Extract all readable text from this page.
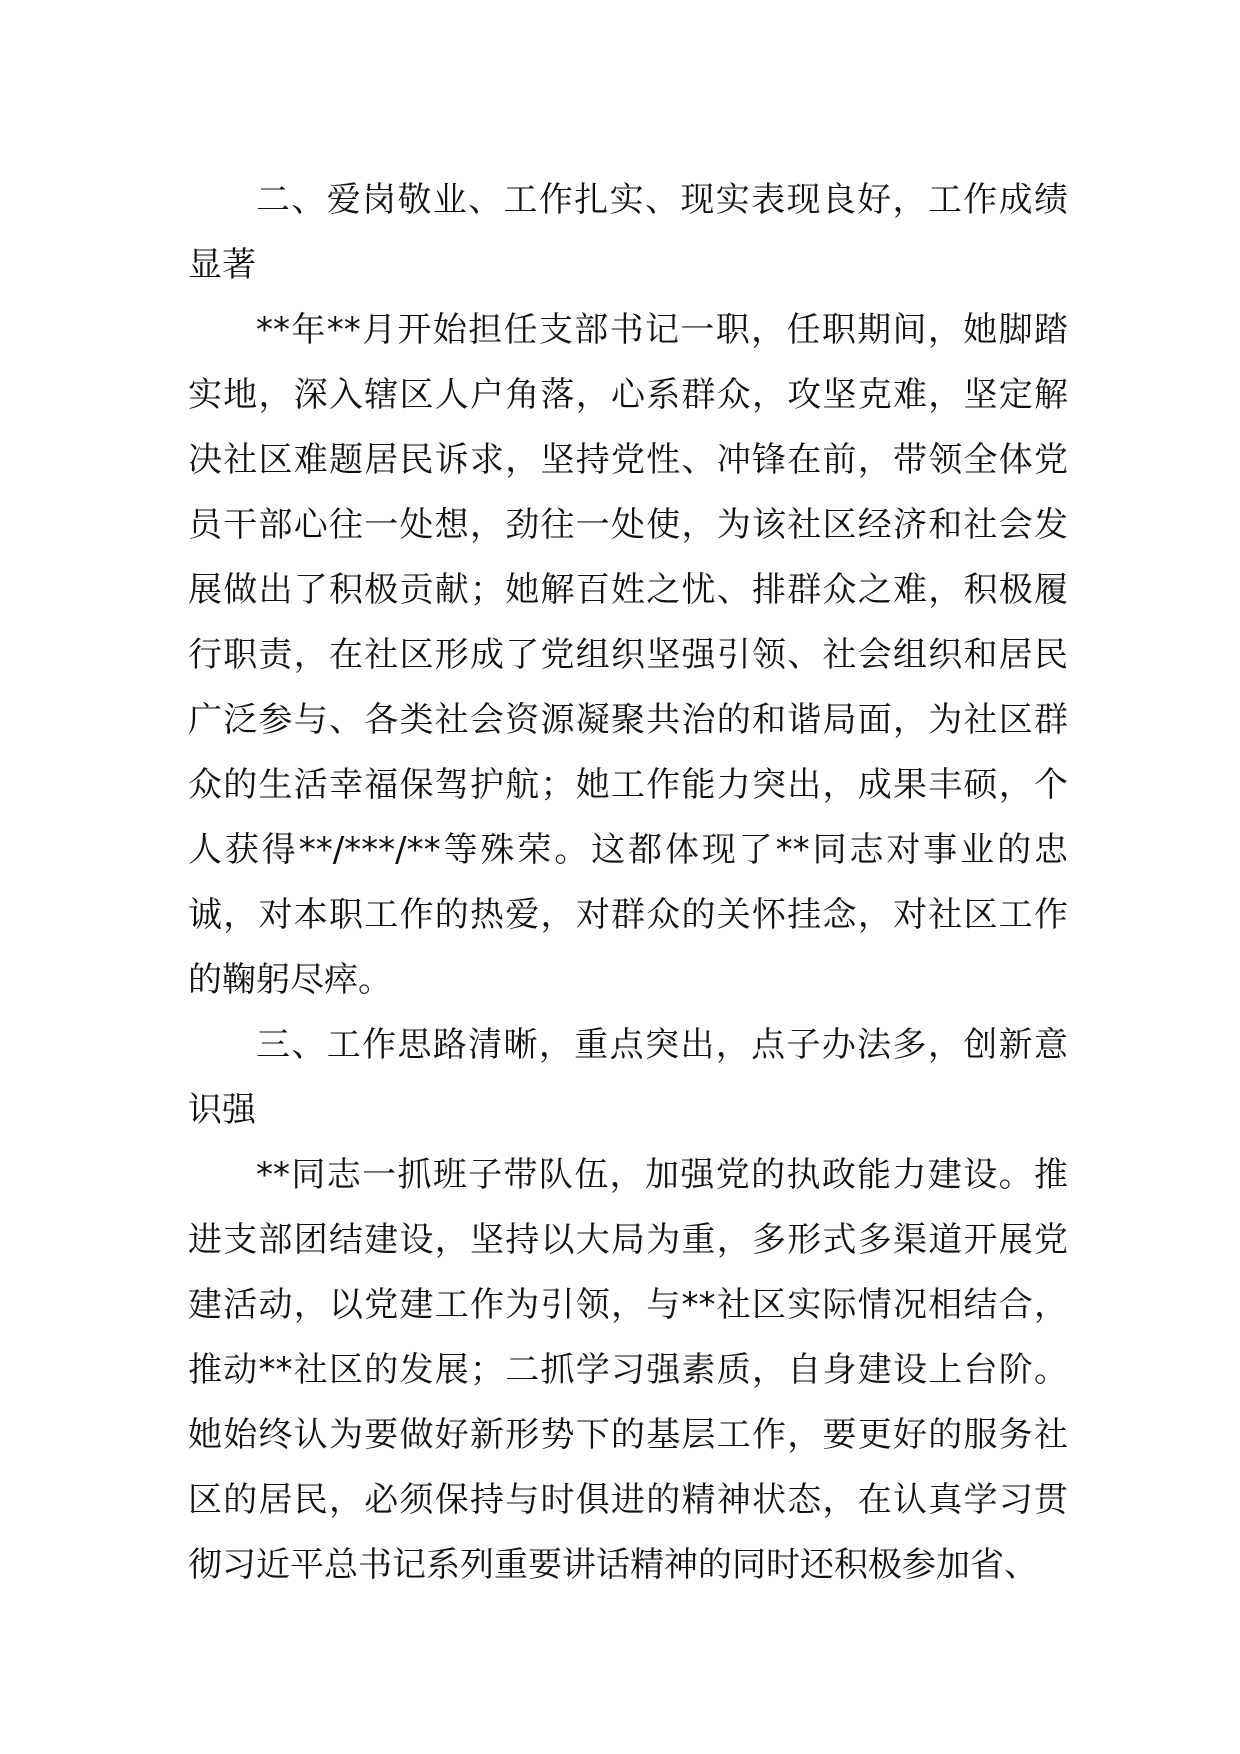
二、爱岗敬业、工作扎实、现实表现良好，工作成绩显著

**年**月开始担任支部书记一职，任职期间，她脚踏实地，深入辖区人户角落，心系群众，攻坚克难，坚定解决社区难题居民诉求，坚持党性、冲锋在前，带领全体党员干部心往一处想，劲往一处使，为该社区经济和社会发展做出了积极贡献；她解百姓之忧、排群众之难，积极履行职责，在社区形成了党组织坚强引领、社会组织和居民广泛参与、各类社会资源凝聚共治的和谐局面，为社区群众的生活幸福保驾护航；她工作能力突出，成果丰硕，个人获得**/***/**等殊荣。这都体现了**同志对事业的忠诚，对本职工作的热爱，对群众的关怀挂念，对社区工作的鞠躬尽瘁。

三、工作思路清晰，重点突出，点子办法多，创新意识强

**同志一抓班子带队伍，加强党的执政能力建设。推进支部团结建设，坚持以大局为重，多形式多渠道开展党建活动，以党建工作为引领，与**社区实际情况相结合，推动**社区的发展；二抓学习强素质，自身建设上台阶。她始终认为要做好新形势下的基层工作，要更好的服务社区的居民，必须保持与时俱进的精神状态，在认真学习贯彻习近平总书记系列重要讲话精神的同时还积极参加省、
